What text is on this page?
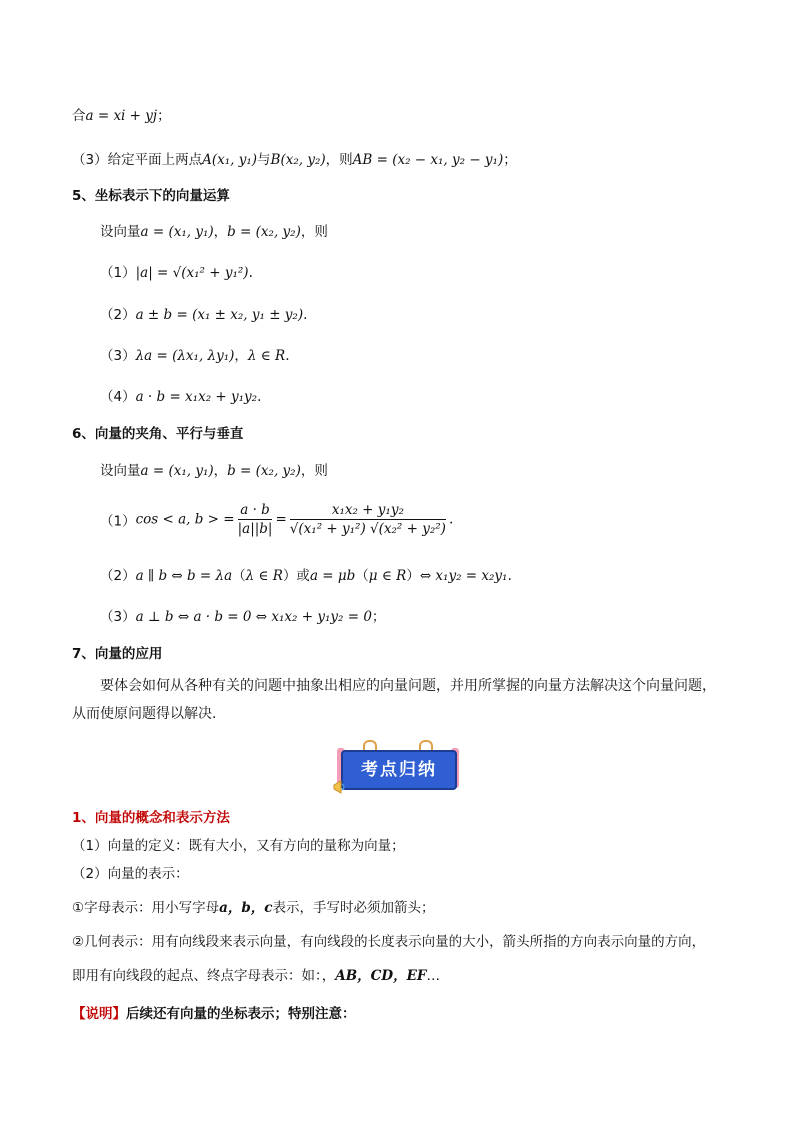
合a = xi + yj；
（3）给定平面上两点A(x₁, y₁)与B(x₂, y₂)，则AB = (x₂ − x₁, y₂ − y₁)；
5、坐标表示下的向量运算
设向量a = (x₁, y₁)，b = (x₂, y₂)，则
（1）|a| = √(x₁² + y₁²).
（2）a ± b = (x₁ ± x₂, y₁ ± y₂).
（3）λa = (λx₁, λy₁)，λ ∈ R.
（4）a · b = x₁x₂ + y₁y₂.
6、向量的夹角、平行与垂直
设向量a = (x₁, y₁)，b = (x₂, y₂)，则
（1）cos < a, b > = $\frac{a \cdot b}{|a||b|} = \frac{\text{x₁x₂ + y₁y₂}}{\text{√(x₁² + y₁²) √(x₂² + y₂²)}}$ .
（2）a ∥ b ⇔ b = λa（λ ∈ R）或a = μb（μ ∈ R）⇔ x₁y₂ = x₂y₁.
（3）a ⊥ b ⇔ a · b = 0 ⇔ x₁x₂ + y₁y₂ = 0；
7、向量的应用
要体会如何从各种有关的问题中抽象出相应的向量问题，并用所掌握的向量方法解决这个向量问题，从而使原问题得以解决.
考点归纳
1、向量的概念和表示方法
（1）向量的定义：既有大小，又有方向的量称为向量；
（2）向量的表示：
①字母表示：用小写字母a，b，c表示，手写时必须加箭头；
②几何表示：用有向线段来表示向量，有向线段的长度表示向量的大小，箭头所指的方向表示向量的方向，
即用有向线段的起点、终点字母表示：如：，AB，CD，EF…
【说明】后续还有向量的坐标表示；特别注意：
